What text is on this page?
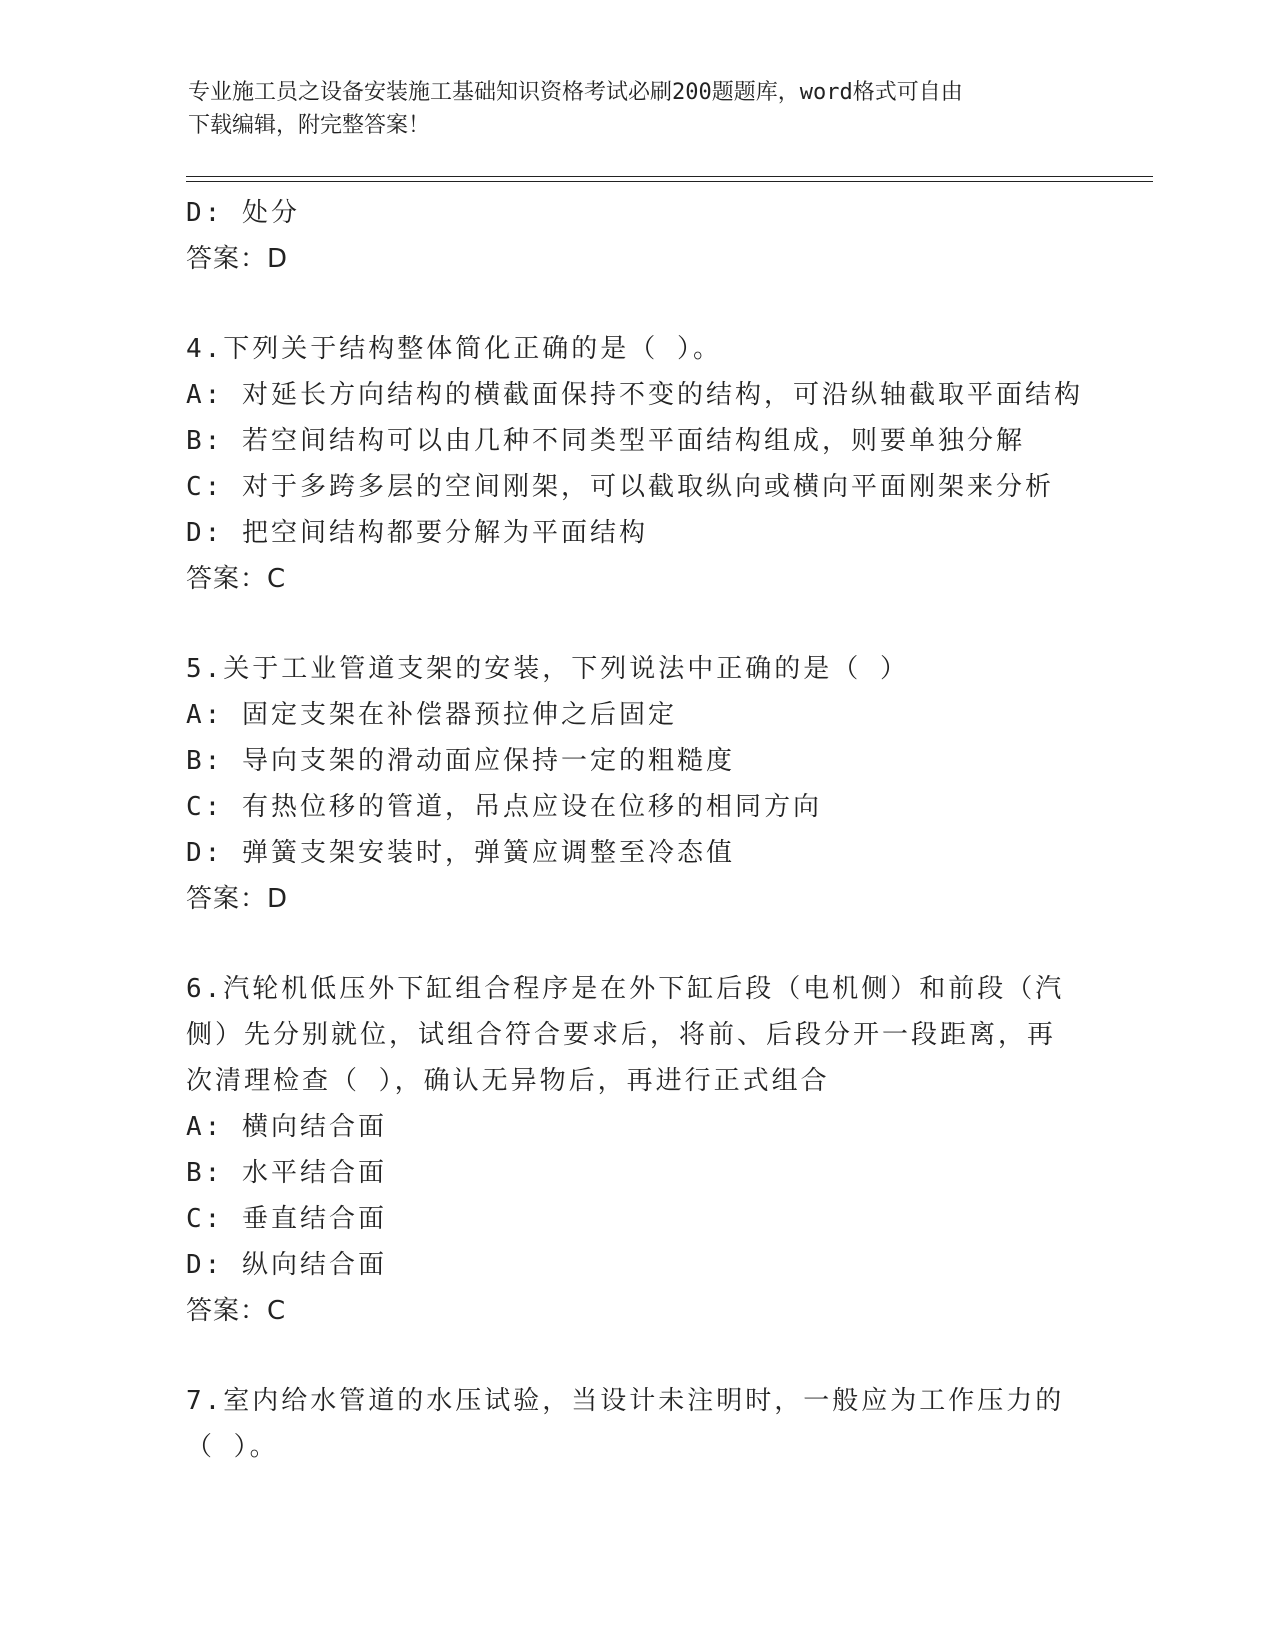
专业施工员之设备安装施工基础知识资格考试必刷200题题库，word格式可自由
下载编辑，附完整答案！
D: 处分
答案：D
4.下列关于结构整体简化正确的是（ ）。
A: 对延长方向结构的横截面保持不变的结构，可沿纵轴截取平面结构
B: 若空间结构可以由几种不同类型平面结构组成，则要单独分解
C: 对于多跨多层的空间刚架，可以截取纵向或横向平面刚架来分析
D: 把空间结构都要分解为平面结构
答案：C
5.关于工业管道支架的安装，下列说法中正确的是（ ）
A: 固定支架在补偿器预拉伸之后固定
B: 导向支架的滑动面应保持一定的粗糙度
C: 有热位移的管道，吊点应设在位移的相同方向
D: 弹簧支架安装时，弹簧应调整至冷态值
答案：D
6.汽轮机低压外下缸组合程序是在外下缸后段（电机侧）和前段（汽
侧）先分别就位，试组合符合要求后，将前、后段分开一段距离，再
次清理检查（ ），确认无异物后，再进行正式组合
A: 横向结合面
B: 水平结合面
C: 垂直结合面
D: 纵向结合面
答案：C
7.室内给水管道的水压试验，当设计未注明时，一般应为工作压力的
（ ）。
